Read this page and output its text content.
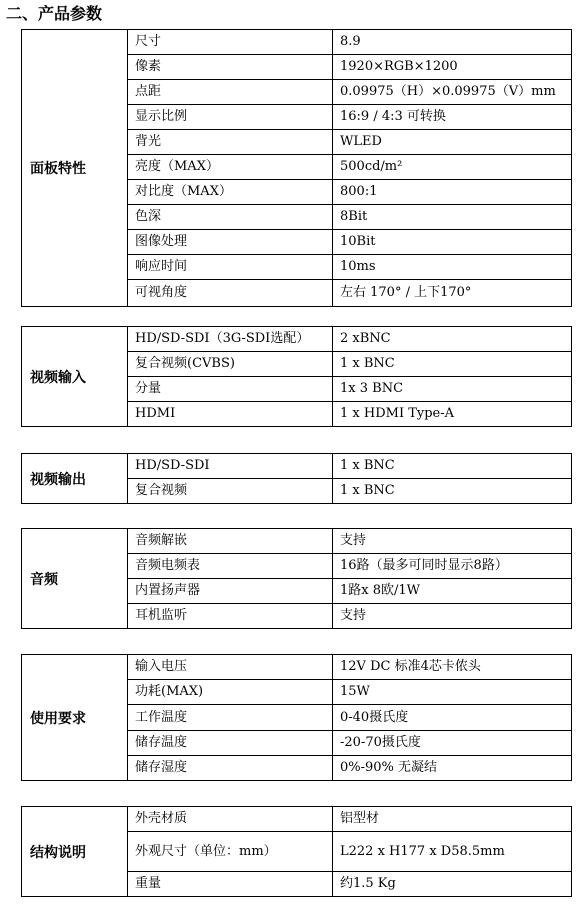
二、产品参数
面板特性	尺寸	8.9
	像素	1920×RGB×1200
	点距	0.09975（H）×0.09975（V）mm
	显示比例	16:9 / 4:3 可转换
	背光	WLED
	亮度（MAX）	500cd/m²
	对比度（MAX）	800:1
	色深	8Bit
	图像处理	10Bit
	响应时间	10ms
	可视角度	左右 170° / 上下170°
视频输入	HD/SD-SDI（3G-SDI选配）	2 xBNC
	复合视频(CVBS)	1 x BNC
	分量	1x 3 BNC
	HDMI	1 x HDMI Type-A
视频输出	HD/SD-SDI	1 x BNC
	复合视频	1 x BNC
音频	音频解嵌	支持
	音频电频表	16路（最多可同时显示8路）
	内置扬声器	1路x 8欧/1W
	耳机监听	支持
使用要求	输入电压	12V DC 标准4芯卡侬头
	功耗(MAX)	15W
	工作温度	0-40摄氏度
	储存温度	-20-70摄氏度
	储存湿度	0%-90% 无凝结
结构说明	外壳材质	铝型材
	外观尺寸（单位：mm）	L222 x H177 x D58.5mm
	重量	约1.5 Kg
